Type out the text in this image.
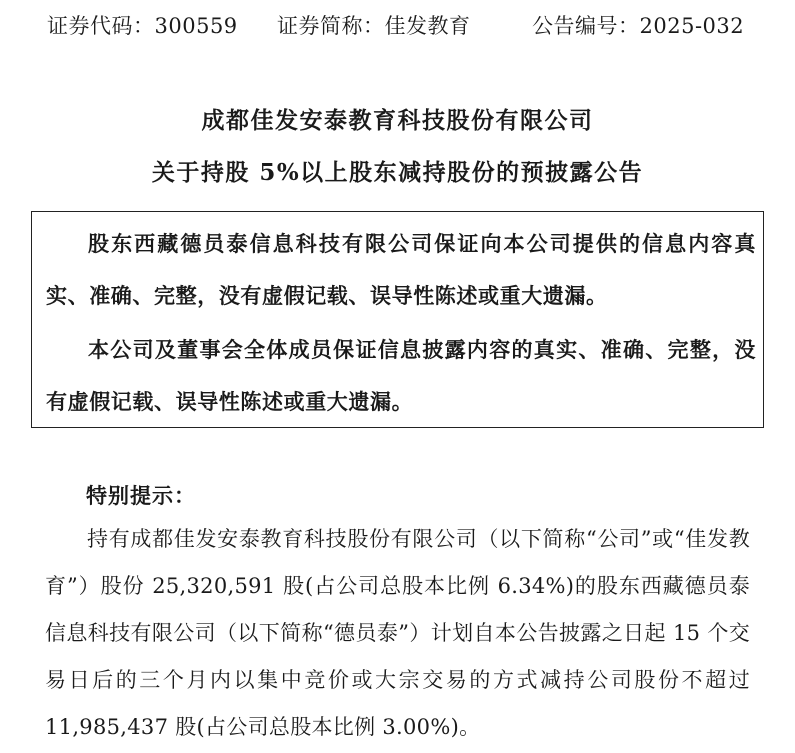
证券代码：300559 证券简称：佳发教育	公告编号：2025-032
成都佳发安泰教育科技股份有限公司
关于持股 5%以上股东减持股份的预披露公告

股东西藏德员泰信息科技有限公司保证向本公司提供的信息内容真实、准确、完整，没有虚假记载、误导性陈述或重大遗漏。

本公司及董事会全体成员保证信息披露内容的真实、准确、完整，没有虚假记载、误导性陈述或重大遗漏。

特别提示：

持有成都佳发安泰教育科技股份有限公司（以下简称“公司”或“佳发教育”）股份 25,320,591 股(占公司总股本比例 6.34%)的股东西藏德员泰信息科技有限公司（以下简称“德员泰”）计划自本公告披露之日起 15 个交易日后的三个月内以集中竞价或大宗交易的方式减持公司股份不超过 11,985,437 股(占公司总股本比例 3.00%)。
